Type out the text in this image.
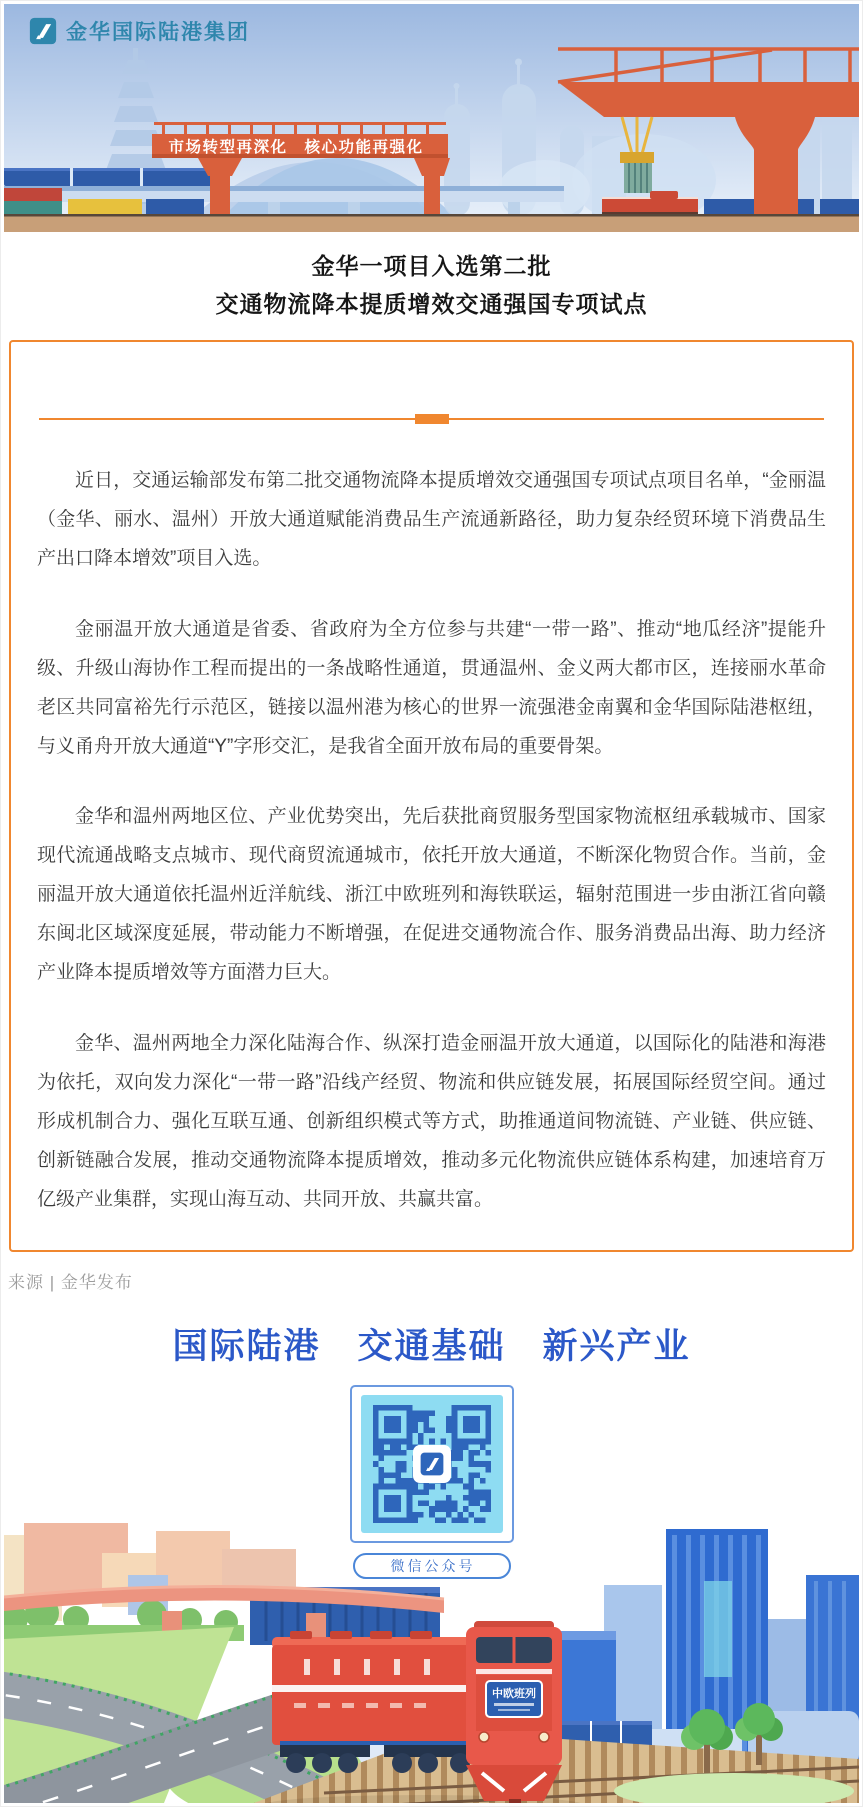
金华国际陆港集团
市场转型再深化　核心功能再强化
金华一项目入选第二批
交通物流降本提质增效交通强国专项试点

近日，交通运输部发布第二批交通物流降本提质增效交通强国专项试点项目名单，“金丽温（金华、丽水、温州）开放大通道赋能消费品生产流通新路径，助力复杂经贸环境下消费品生产出口降本增效”项目入选。

金丽温开放大通道是省委、省政府为全方位参与共建“一带一路”、推动“地瓜经济”提能升级、升级山海协作工程而提出的一条战略性通道，贯通温州、金义两大都市区，连接丽水革命老区共同富裕先行示范区，链接以温州港为核心的世界一流强港金南翼和金华国际陆港枢纽，与义甬舟开放大通道“Y”字形交汇，是我省全面开放布局的重要骨架。

金华和温州两地区位、产业优势突出，先后获批商贸服务型国家物流枢纽承载城市、国家现代流通战略支点城市、现代商贸流通城市，依托开放大通道，不断深化物贸合作。当前，金丽温开放大通道依托温州近洋航线、浙江中欧班列和海铁联运，辐射范围进一步由浙江省向赣东闽北区域深度延展，带动能力不断增强，在促进交通物流合作、服务消费品出海、助力经济产业降本提质增效等方面潜力巨大。

金华、温州两地全力深化陆海合作、纵深打造金丽温开放大通道，以国际化的陆港和海港为依托，双向发力深化“一带一路”沿线产经贸、物流和供应链发展，拓展国际经贸空间。通过形成机制合力、强化互联互通、创新组织模式等方式，助推通道间物流链、产业链、供应链、创新链融合发展，推动交通物流降本提质增效，推动多元化物流供应链体系构建，加速培育万亿级产业集群，实现山海互动、共同开放、共赢共富。

来源 | 金华发布
国际陆港　交通基础　新兴产业
微信公众号
中欧班列
